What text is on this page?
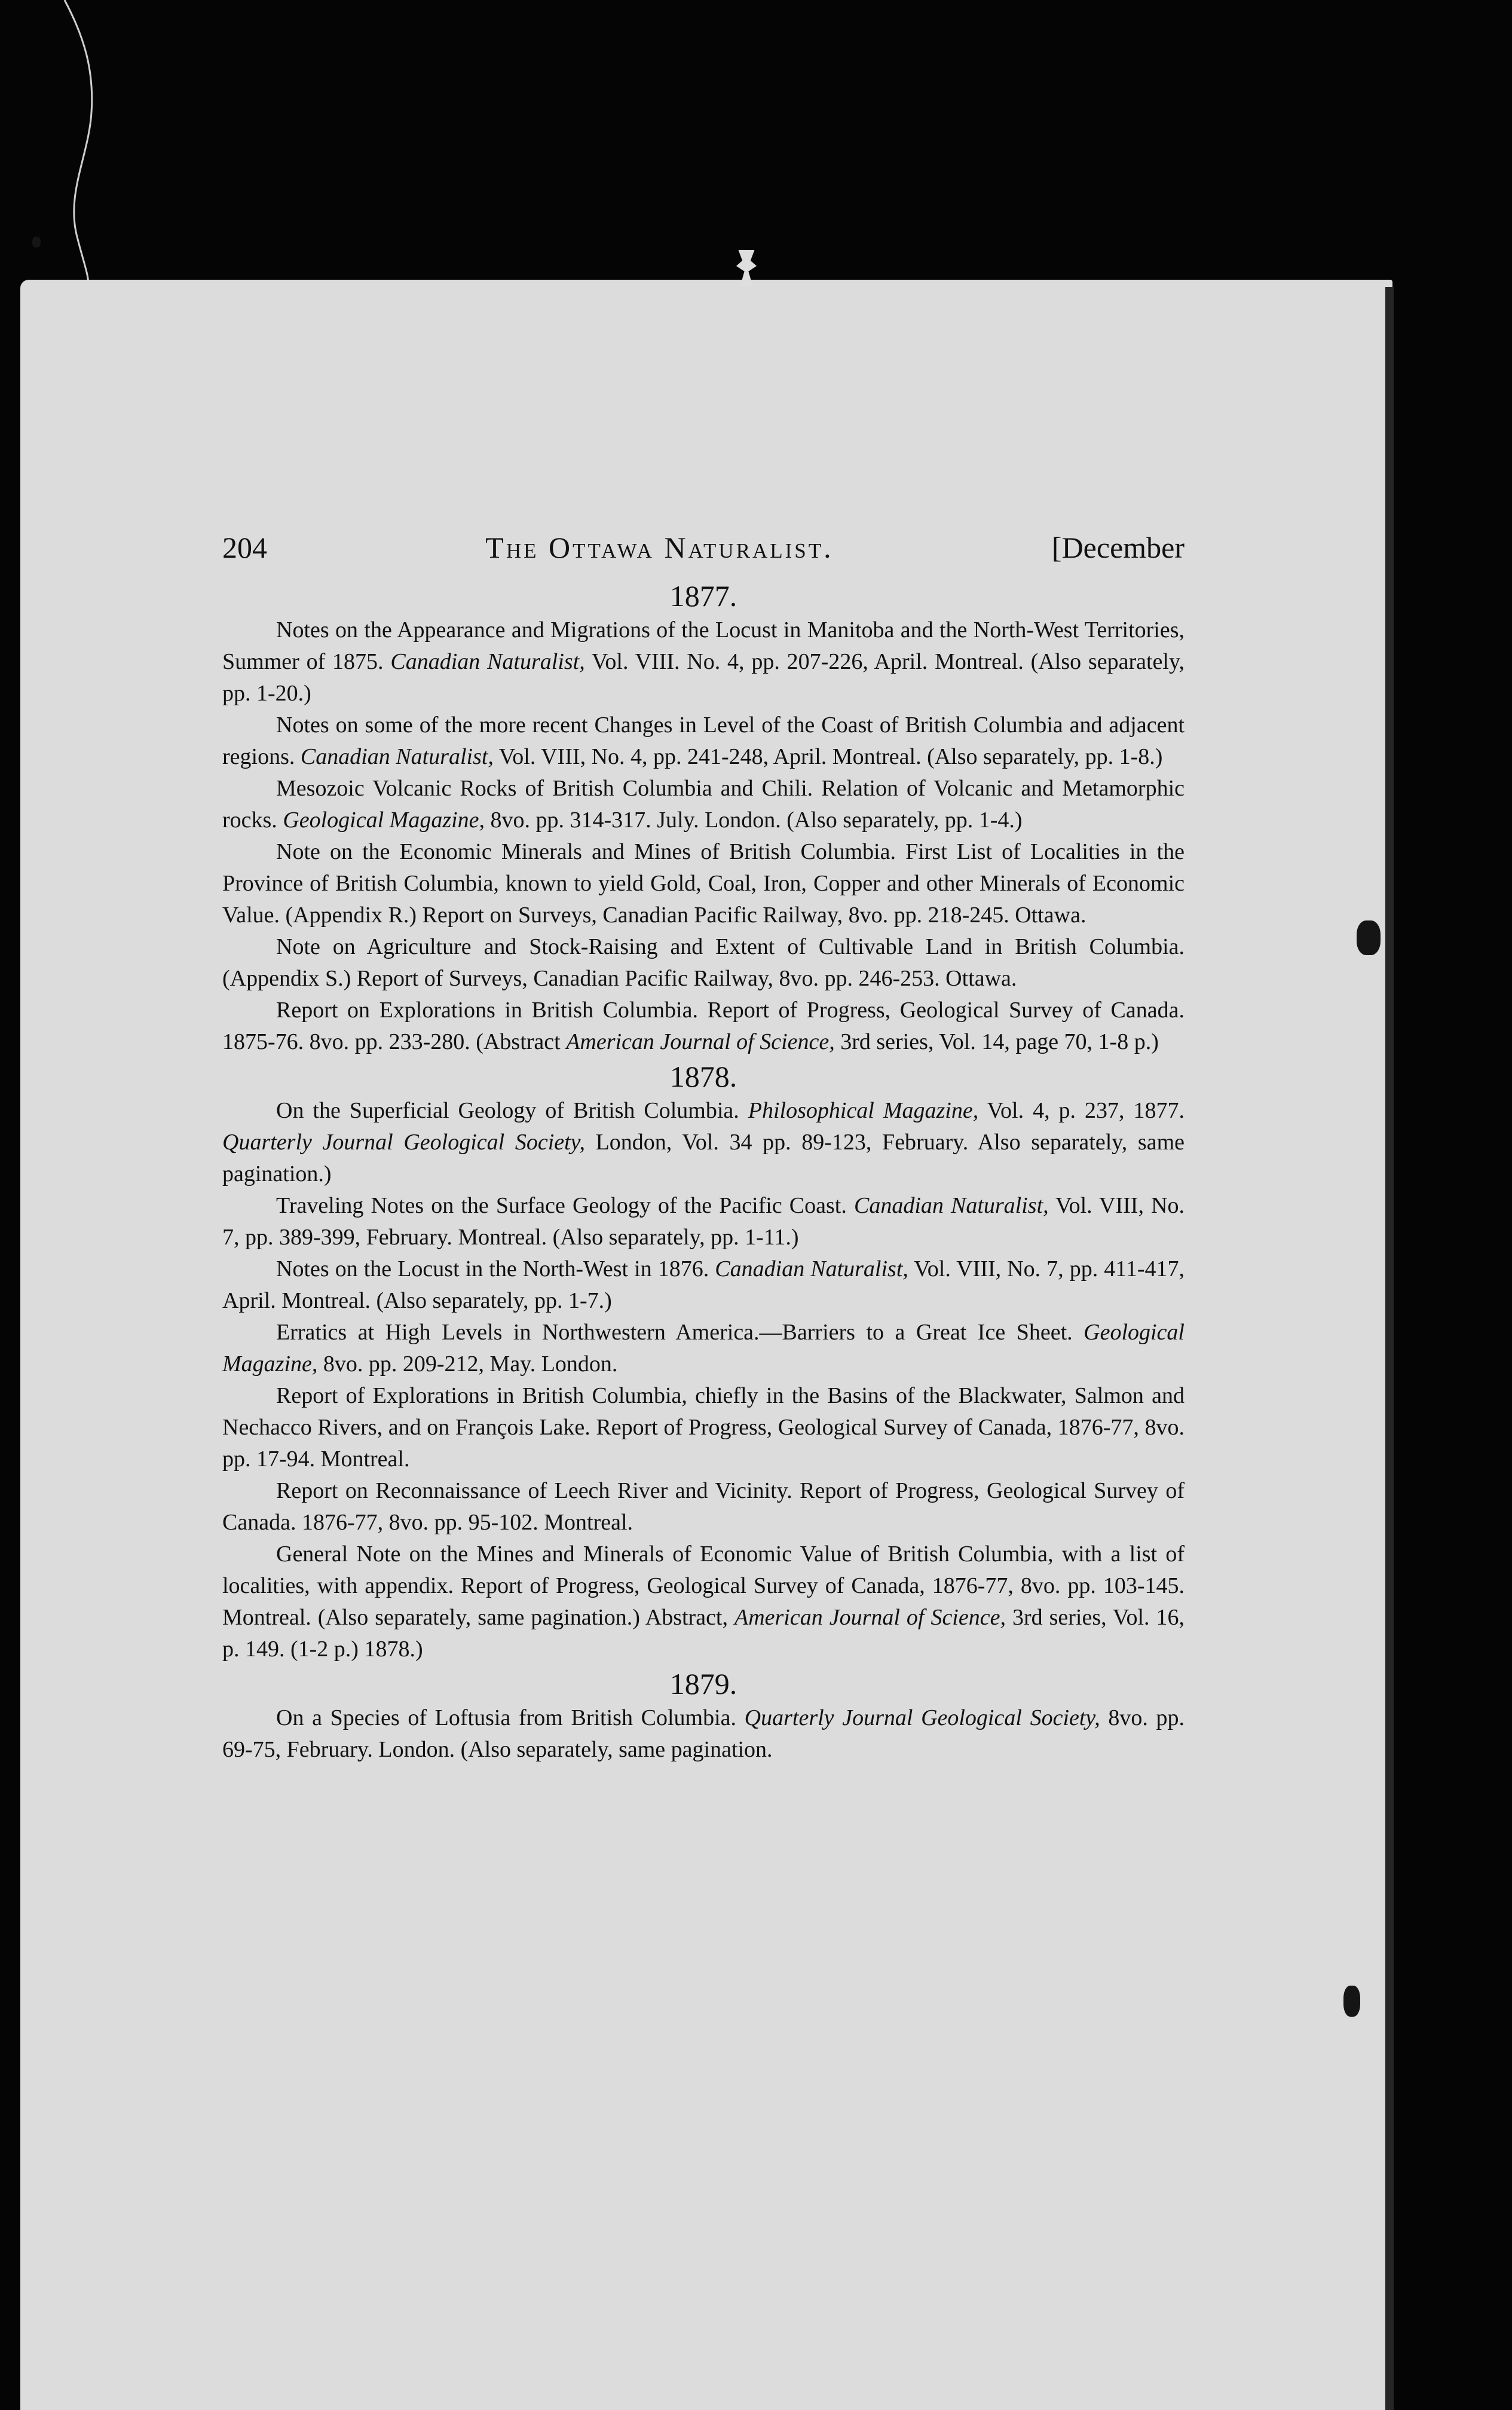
204	The Ottawa Naturalist.	[December
1877.

Notes on the Appearance and Migrations of the Locust in Manitoba and the North-West Territories, Summer of 1875. Canadian Naturalist, Vol. VIII. No. 4, pp. 207-226, April. Montreal. (Also separately, pp. 1-20.)

Notes on some of the more recent Changes in Level of the Coast of British Columbia and adjacent regions. Canadian Naturalist, Vol. VIII, No. 4, pp. 241-248, April. Montreal. (Also separately, pp. 1-8.)

Mesozoic Volcanic Rocks of British Columbia and Chili. Relation of Volcanic and Metamorphic rocks. Geological Magazine, 8vo. pp. 314-317. July. London. (Also separately, pp. 1-4.)

Note on the Economic Minerals and Mines of British Columbia. First List of Localities in the Province of British Columbia, known to yield Gold, Coal, Iron, Copper and other Minerals of Economic Value. (Appendix R.) Report on Surveys, Canadian Pacific Railway, 8vo. pp. 218-245. Ottawa.

Note on Agriculture and Stock-Raising and Extent of Cultivable Land in British Columbia. (Appendix S.) Report of Surveys, Canadian Pacific Railway, 8vo. pp. 246-253. Ottawa.

Report on Explorations in British Columbia. Report of Progress, Geological Survey of Canada. 1875-76. 8vo. pp. 233-280. (Abstract American Journal of Science, 3rd series, Vol. 14, page 70, 1-8 p.)

1878.

On the Superficial Geology of British Columbia. Philosophical Magazine, Vol. 4, p. 237, 1877. Quarterly Journal Geological Society, London, Vol. 34 pp. 89-123, February. Also separately, same pagination.)

Traveling Notes on the Surface Geology of the Pacific Coast. Canadian Naturalist, Vol. VIII, No. 7, pp. 389-399, February. Montreal. (Also separately, pp. 1-11.)

Notes on the Locust in the North-West in 1876. Canadian Naturalist, Vol. VIII, No. 7, pp. 411-417, April. Montreal. (Also separately, pp. 1-7.)

Erratics at High Levels in Northwestern America.—Barriers to a Great Ice Sheet. Geological Magazine, 8vo. pp. 209-212, May. London.

Report of Explorations in British Columbia, chiefly in the Basins of the Blackwater, Salmon and Nechacco Rivers, and on François Lake. Report of Progress, Geological Survey of Canada, 1876-77, 8vo. pp. 17-94. Montreal.

Report on Reconnaissance of Leech River and Vicinity. Report of Progress, Geological Survey of Canada. 1876-77, 8vo. pp. 95-102. Montreal.

General Note on the Mines and Minerals of Economic Value of British Columbia, with a list of localities, with appendix. Report of Progress, Geological Survey of Canada, 1876-77, 8vo. pp. 103-145. Montreal. (Also separately, same pagination.) Abstract, American Journal of Science, 3rd series, Vol. 16, p. 149. (1-2 p.) 1878.)

1879.

On a Species of Loftusia from British Columbia. Quarterly Journal Geological Society, 8vo. pp. 69-75, February. London. (Also separately, same pagination.
